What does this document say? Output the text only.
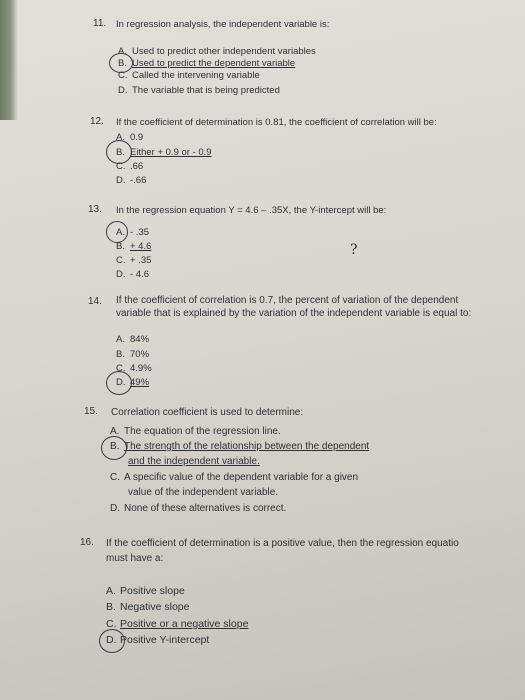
11. In regression analysis, the independent variable is:
A. Used to predict other independent variables
B. Used to predict the dependent variable
C. Called the intervening variable
D. The variable that is being predicted
12. If the coefficient of determination is 0.81, the coefficient of correlation will be:
A. 0.9
B. Either + 0.9 or - 0.9
C. .66
D. -.66
13. In the regression equation Y = 4.6 – .35X, the Y-intercept will be:
A. - .35
B. + 4.6
C. + .35
D. - 4.6
?
14. If the coefficient of correlation is 0.7, the percent of variation of the dependent
variable that is explained by the variation of the independent variable is equal to:
A. 84%
B. 70%
C. 4.9%
D. 49%
15. Correlation coefficient is used to determine:
A. The equation of the regression line.
B. The strength of the relationship between the dependent
and the independent variable.
C. A specific value of the dependent variable for a given
value of the independent variable.
D. None of these alternatives is correct.
16. If the coefficient of determination is a positive value, then the regression equatio
must have a:
A. Positive slope
B. Negative slope
C. Positive or a negative slope
D. Positive Y-intercept
